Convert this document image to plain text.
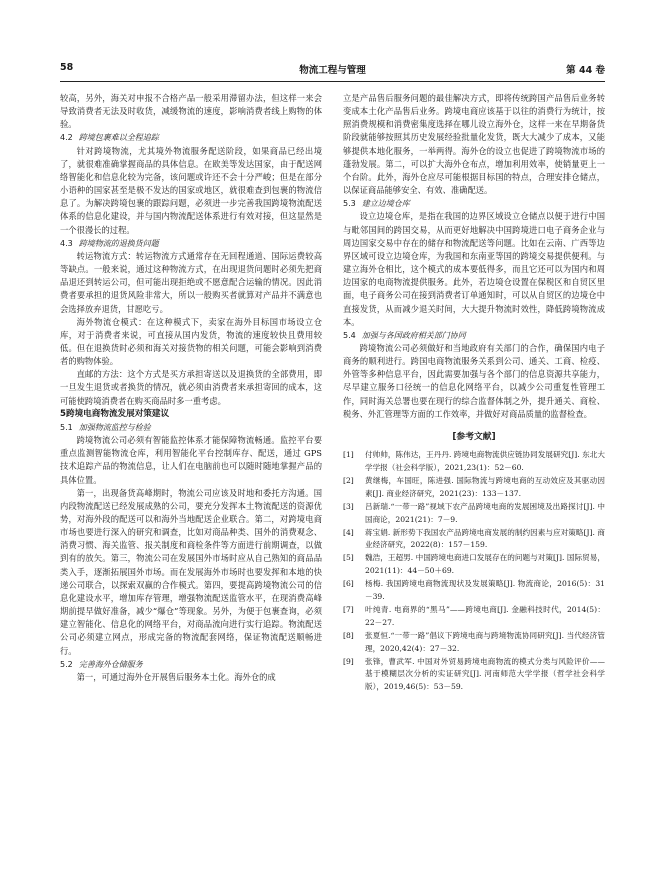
58	物流工程与管理	第 44 卷
较高，另外，海关对申报不合格产品一般采用滞留办法，但这样一来会导致消费者无法及时收货，减缓物流的速度，影响消费者线上购物的体验。
4.2 跨境包裹难以全程追踪
针对跨境物流，尤其境外物流服务配送阶段，如果商品已经出境了，就很难准确掌握商品的具体信息。在欧美等发达国家，由于配送网络智能化和信息化较为完备，该问题或许还不会十分严峻；但是在部分小语种的国家甚至是极不发达的国家或地区，就很难查到包裹的物流信息了。为解决跨境包裹的跟踪问题，必须进一步完善我国跨境物流配送体系的信息化建设，并与国内物流配送体系进行有效对接，但这显然是一个很漫长的过程。
4.3 跨境物流的退换货问题
转运物流方式：转运物流方式通常存在无回程通道、国际运费较高等缺点。一般来说，通过这种物流方式，在出现退货问题时必须先把商品退还到转运公司，但可能出现拒绝或不愿意配合运输的情况。因此消费者要承担的退货风险非常大，所以一般购买者就算对产品并不满意也会选择放弃退货，甘愿吃亏。
海外物流仓模式：在这种模式下，卖家在海外目标国市场设立仓库，对于消费者来说，可直接从国内发货，物流的速度较快且费用较低。但在退换货时必须和海关对接货物的相关问题，可能会影响到消费者的购物体验。
直邮的方法：这个方式是买方承担寄送以及退换货的全部费用，即一旦发生退货或者换货的情况，就必须由消费者来承担寄回的成本，这可能使跨境消费者在购买商品时多一重考虑。
5跨境电商物流发展对策建议
5.1 加强物流监控与检验
跨境物流公司必须有智能监控体系才能保障物流畅通。监控平台要重点监测智能物流仓库，利用智能化平台控制库存、配送，通过 GPS 技术追踪产品的物流信息，让人们在电脑前也可以随时随地掌握产品的具体位置。
第一，出现备货高峰期时，物流公司应该及时地和委托方沟通。国内段物流配送已经发展成熟的公司，要充分发挥本土物流配送的资源优势，对海外段的配送可以和海外当地配送企业联合。第二，对跨境电商市场也要进行深入的研究和调查，比如对商品种类、国外的消费观念、消费习惯、海关监管、报关制度和商检条件等方面进行前期调查，以做到有的放矢。第三，物流公司在发展国外市场时应从自己熟知的商品品类入手，逐渐拓展国外市场。而在发展海外市场时也要发挥和本地的快递公司联合，以探索双赢的合作模式。第四，要提高跨境物流公司的信息化建设水平，增加库存管理，增强物流配送监管水平，在现消费高峰期前提早做好准备，减少“爆仓”等现象。另外，为便于包裹查询，必须建立智能化、信息化的网络平台，对商品流向进行实行追踪。物流配送公司必须建立网点，形成完备的物流配套网络，保证物流配送顺畅进行。
5.2 完善海外仓储服务
第一，可通过海外仓开展售后服务本土化。海外仓的成
立是产品售后服务问题的最佳解决方式，即将传统跨国产品售后业务转变成本土化产品售后业务。跨境电商应该基于以往的消费行为统计，按照消费规模和消费密集度选择在哪儿设立海外仓，这样一来在早期备货阶段就能够按照其历史发展经验批量化发货，既大大减少了成本，又能够提供本地化服务，一举两得。海外仓的设立也促进了跨境物流市场的蓬勃发展。第二，可以扩大海外仓布点，增加利用效率，使销量更上一个台阶。此外，海外仓应尽可能根据目标国的特点，合理安排仓储点，以保证商品能够安全、有效、准确配送。
5.3 建立边境仓库
设立边境仓库，是指在我国的边界区域设立仓储点以便于进行中国与毗邻国间的跨国交易，从而更好地解决中国跨境进口电子商务企业与周边国家交易中存在的储存和物流配送等问题。比如在云南、广西等边界区域可设立边境仓库，为我国和东南亚等国的跨境交易提供便利。与建立海外仓相比，这个模式的成本要低得多，而且它还可以为国内和周边国家的电商物流提供服务。此外，若边境仓设置在保税区和自贸区里面，电子商务公司在接到消费者订单通知时，可以从自贸区的边境仓中直接发货，从而减少退关时间，大大提升物流时效性，降低跨境物流成本。
5.4 加强与各国政府相关部门协同
跨境物流公司必须做好和当地政府有关部门的合作，确保国内电子商务的顺利进行。跨国电商物流服务关系到公司、通关、工商、检疫、外管等多种信息平台，因此需要加强与各个部门的信息资源共享能力，尽早建立服务口径统一的信息化网络平台，以减少公司重复性管理工作，同时海关总署也要在现行的综合监督体制之外，提升通关、商检、税务、外汇管理等方面的工作效率，并做好对商品质量的监督检查。
[参考文献]
[1]	付帅帅，陈伟达，王丹丹. 跨境电商物流供应链协同发展研究[J]. 东北大学学报（社会科学版），2021,23(1)：52－60.
[2]	黄继梅，车国旺，陈进强. 国际物流与跨境电商的互动效应及其驱动因素[J]. 商业经济研究，2021(23)：133－137.
[3]	吕新瑞.“一带一路”视域下农产品跨境电商的发展困境及出路探讨[J]. 中国商论，2021(21)：7－9.
[4]	蒋宝娟. 新形势下我国农产品跨境电商发展的制约因素与应对策略[J]. 商业经济研究，2022(8)：157－159.
[5]	魏浩，王超男. 中国跨境电商进口发展存在的问题与对策[J]. 国际贸易，2021(11)：44－50＋69.
[6]	杨梅. 我国跨境电商物流现状及发展策略[J]. 物流商论，2016(5)：31－39.
[7]	叶纯青. 电商界的“黑马”——跨境电商[J]. 金融科技时代，2014(5)：22－27.
[8]	张夏恒.“一带一路”倡议下跨境电商与跨境物流协同研究[J]. 当代经济管理，2020,42(4)：27－32.
[9]	张锋，曹武军. 中国对外贸易跨境电商物流的模式分类与风险评价——基于模糊层次分析的实证研究[J]. 河南师范大学学报（哲学社会科学版），2019,46(5)：53－59.
